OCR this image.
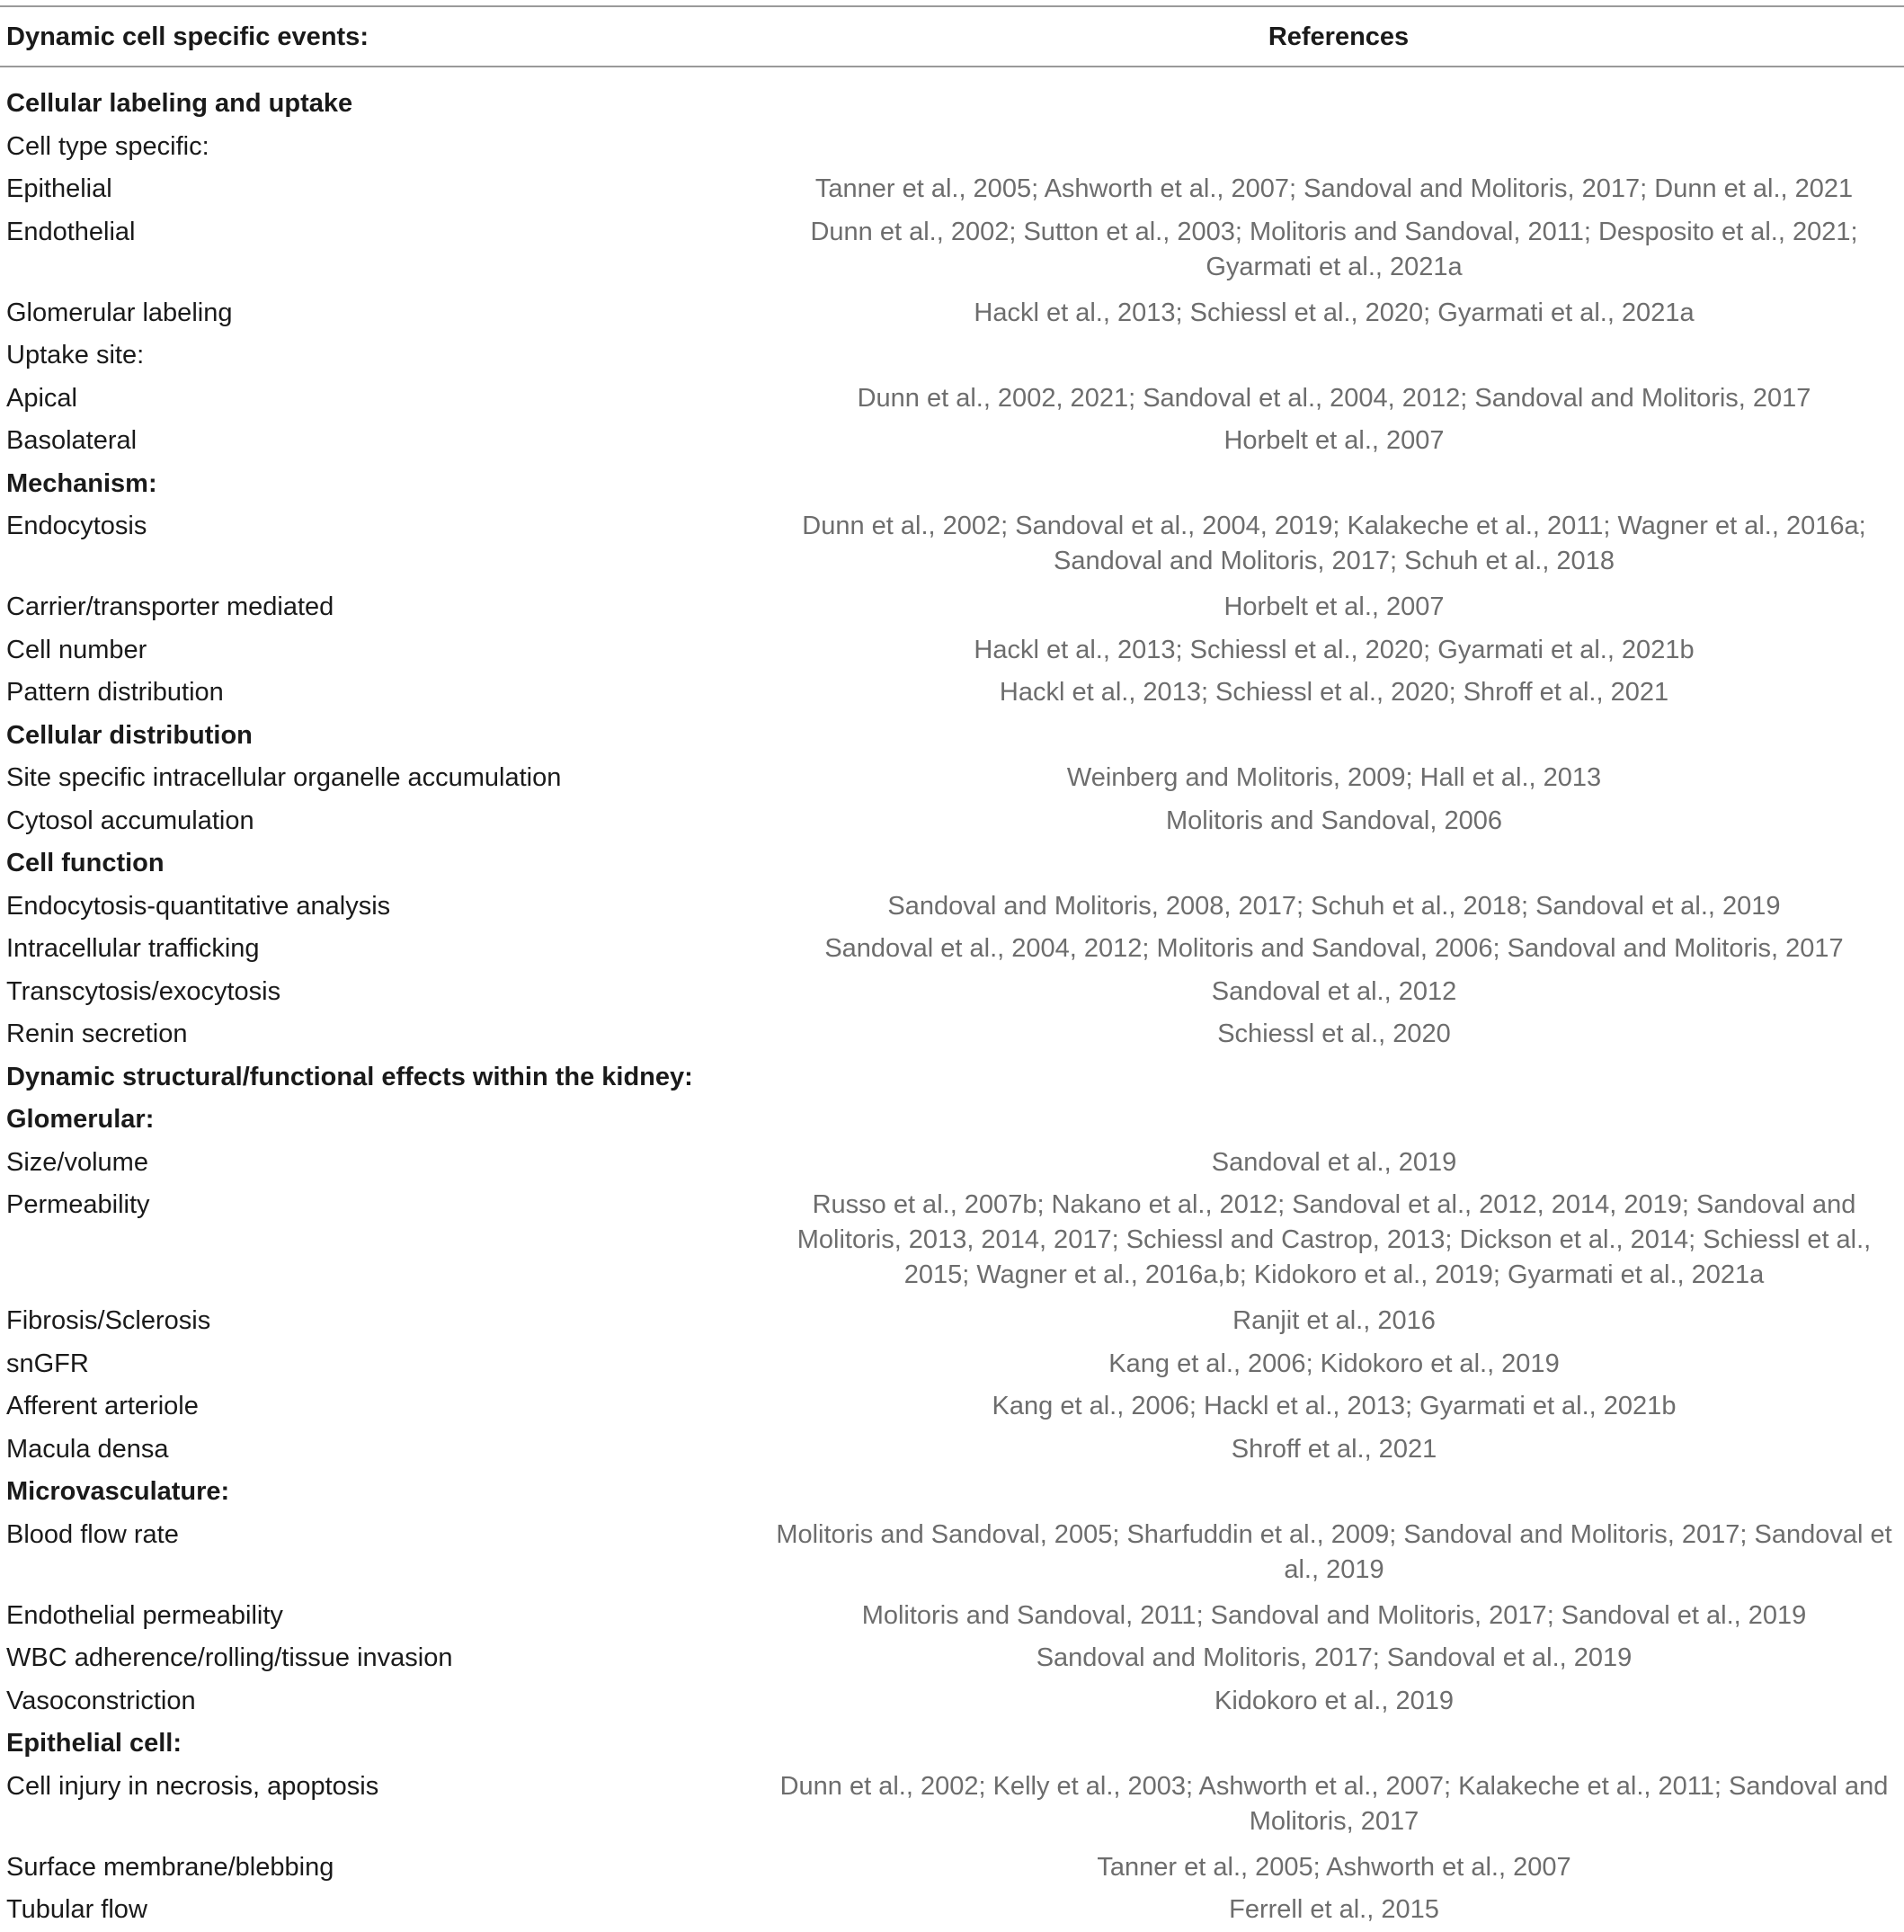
Dynamic cell specific events:	References
Cellular labeling and uptake
Cell type specific:
Epithelial	Tanner et al., 2005; Ashworth et al., 2007; Sandoval and Molitoris, 2017; Dunn et al., 2021
Endothelial	Dunn et al., 2002; Sutton et al., 2003; Molitoris and Sandoval, 2011; Desposito et al., 2021; Gyarmati et al., 2021a
Glomerular labeling	Hackl et al., 2013; Schiessl et al., 2020; Gyarmati et al., 2021a
Uptake site:
Apical	Dunn et al., 2002, 2021; Sandoval et al., 2004, 2012; Sandoval and Molitoris, 2017
Basolateral	Horbelt et al., 2007
Mechanism:
Endocytosis	Dunn et al., 2002; Sandoval et al., 2004, 2019; Kalakeche et al., 2011; Wagner et al., 2016a; Sandoval and Molitoris, 2017; Schuh et al., 2018
Carrier/transporter mediated	Horbelt et al., 2007
Cell number	Hackl et al., 2013; Schiessl et al., 2020; Gyarmati et al., 2021b
Pattern distribution	Hackl et al., 2013; Schiessl et al., 2020; Shroff et al., 2021
Cellular distribution
Site specific intracellular organelle accumulation	Weinberg and Molitoris, 2009; Hall et al., 2013
Cytosol accumulation	Molitoris and Sandoval, 2006
Cell function
Endocytosis-quantitative analysis	Sandoval and Molitoris, 2008, 2017; Schuh et al., 2018; Sandoval et al., 2019
Intracellular trafficking	Sandoval et al., 2004, 2012; Molitoris and Sandoval, 2006; Sandoval and Molitoris, 2017
Transcytosis/exocytosis	Sandoval et al., 2012
Renin secretion	Schiessl et al., 2020
Dynamic structural/functional effects within the kidney:
Glomerular:
Size/volume	Sandoval et al., 2019
Permeability	Russo et al., 2007b; Nakano et al., 2012; Sandoval et al., 2012, 2014, 2019; Sandoval and Molitoris, 2013, 2014, 2017; Schiessl and Castrop, 2013; Dickson et al., 2014; Schiessl et al., 2015; Wagner et al., 2016a,b; Kidokoro et al., 2019; Gyarmati et al., 2021a
Fibrosis/Sclerosis	Ranjit et al., 2016
snGFR	Kang et al., 2006; Kidokoro et al., 2019
Afferent arteriole	Kang et al., 2006; Hackl et al., 2013; Gyarmati et al., 2021b
Macula densa	Shroff et al., 2021
Microvasculature:
Blood flow rate	Molitoris and Sandoval, 2005; Sharfuddin et al., 2009; Sandoval and Molitoris, 2017; Sandoval et al., 2019
Endothelial permeability	Molitoris and Sandoval, 2011; Sandoval and Molitoris, 2017; Sandoval et al., 2019
WBC adherence/rolling/tissue invasion	Sandoval and Molitoris, 2017; Sandoval et al., 2019
Vasoconstriction	Kidokoro et al., 2019
Epithelial cell:
Cell injury in necrosis, apoptosis	Dunn et al., 2002; Kelly et al., 2003; Ashworth et al., 2007; Kalakeche et al., 2011; Sandoval and Molitoris, 2017
Surface membrane/blebbing	Tanner et al., 2005; Ashworth et al., 2007
Tubular flow	Ferrell et al., 2015
